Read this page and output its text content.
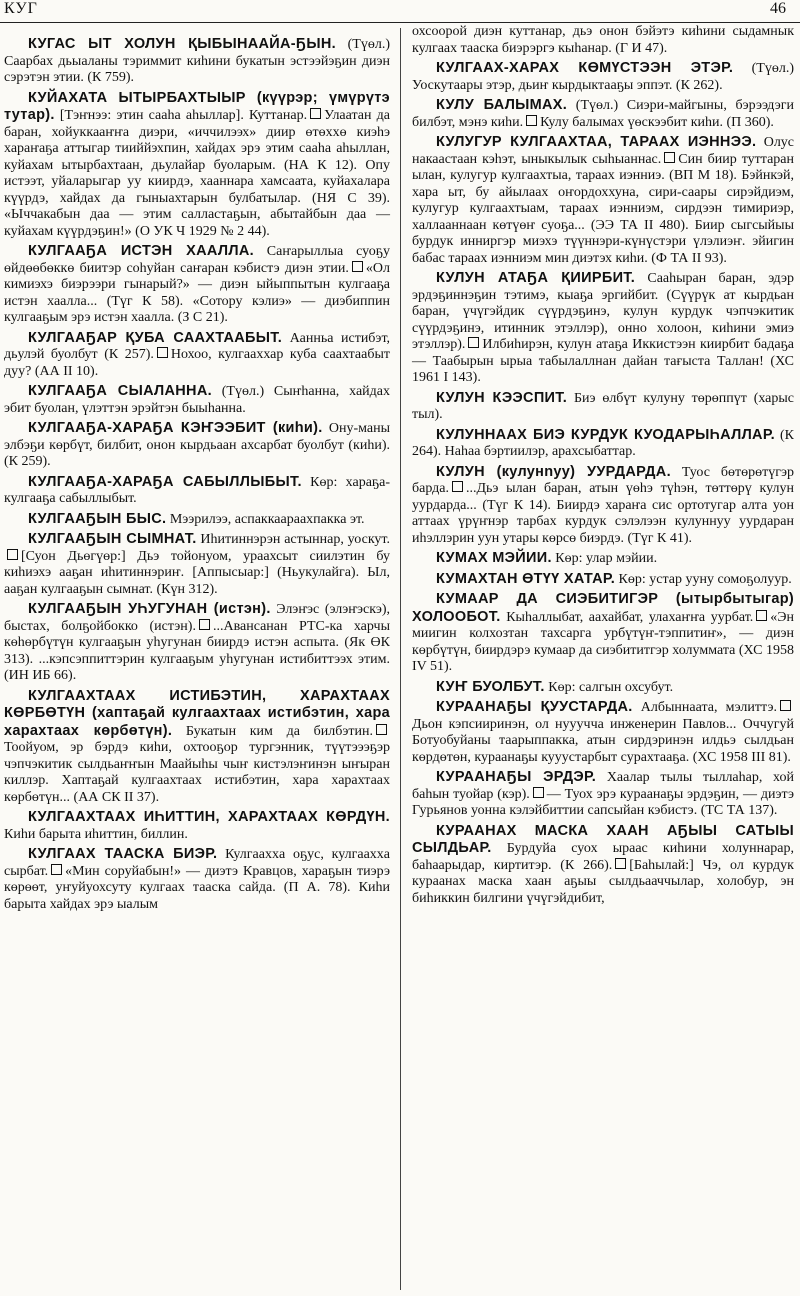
КУГ	46

КУГАС ЫТ ХОЛУН ҚЫБЫНААЙА-ҔЫН. (Түөл.) Саарбах дьыаланы тэриммит киһини букатын эстээйэҕин диэн сэрэтэн этии. (К 759).

КУЙАХАТА ЫТЫРБАХТЫЫР (күүрэр; үмүрүтэ тутар). [Тэҥнээ: этин сааһа аһыллар]. Куттанар. Улаатан да баран, хойуккааҥҥа диэри, «иччилээх» диир өтөххө киэһэ хараҥаҕа аттыгар тииййэхпин, хайдах эрэ этим сааһа аһыллан, куйахам ытырбахтаан, дьулайар буоларым. (НА К 12). Опу истээт, уйаларыгар уу киирдэ, хааннара хамсаата, куйахалара күүрдэ, хайдах да гыныахтарын булбатылар. (НЯ С 39). «Ыччакабын даа — этим салластаҕын, абытайбын даа — куйахам күүрдэҕин!» (О УК Ч 1929 № 2 44).

КУЛГААҔА ИСТЭН ХААЛЛА. Саҥарыллыа суоҕу өйдөөбөккө биитэр соһуйан саҥаран кэбистэ диэн этии. «Ол кимиэхэ биэрээри гынарый?» — диэн ыйыппытын кулгааҕа истэн хаалла... (Түг К 58). «Сотору кэлиэ» — диэбиппин кулгааҕым эрэ истэн хаалла. (З С 21).

КУЛГААҔАР ҚУБА СААХТААБЫТ. Аанньа истибэт, дьулэй буолбут (К 257). Нохоо, кулгааххар куба саахтаабыт дуу? (АА II 10).

КУЛГААҔА СЫАЛАННА. (Түөл.) Сыҥһанна, хайдах эбит буолан, үлэттэн эрэйтэн быыһанна.

КУЛГААҔА-ХАРАҔА КЭҤЭЭБИТ (киһи). Ону-маны элбэҕи көрбүт, билбит, онон кырдьаан ахсарбат буолбут (киһи). (К 259).

КУЛГААҔА-ХАРАҔА САБЫЛЛЫБЫТ. Көр: хараҕа-кулгааҕа сабыллыбыт.

КУЛГААҔЫН БЫС. Мээрилээ, аспаккаараахпакка эт.

КУЛГААҔЫН СЫМНАТ. Иһитиннэрэн астыннар, уоскут.[Суон Дьөгүөр:] Дьэ тойонуом, ураахсыт сиилэтин бу киһиэхэ ааҕан иһитиннэриҥ. [Аппысыар:] (Ньукулайга). Ыл, ааҕан кулгааҕын сымнат. (Күн 312).

КУЛГААҔЫН УҺУГУНАН (истэн). Элэҥэс (элэҥэскэ), быстах, болҕойбокко (истэн). ...Авансанан РТС-ка харчы көһөрбүтүн кулгааҕын уһугунан биирдэ истэн аспыта. (Як ӨК 313). ...кэпсэппиттэрин кулгааҕым уһугунан истибиттээх этим. (ИН ИБ 66).

КУЛГААХТААХ ИСТИБЭТИН, ХАРАХТААХ КӨРБӨТҮН (хаптаҕай кулгаахтаах истибэтин, хара харахтаах көрбөтүн). Букатын ким да билбэтин.Тоойуом, эр бэрдэ киһи, охтооҕор тургэнник, түүтэээҕэр чэпчэкитик сылдьаҥҥын Маайыһы чыҥ кистэлэҥинэн ыҥыран киллэр. Хаптаҕай кулгаахтаах истибэтин, хара харахтаах көрбөтүн... (АА СК II 37).

КУЛГААХТААХ ИҺИТТИН, ХАРАХТААХ КӨРДҮН. Киһи барыта иһиттин, биллин.

КУЛГААХ ТААСКА БИЭР. Кулгааххa оҕус, кулгааххa сырбат. «Мин соруйабын!» — диэтэ Кравцов, хараҕын тиэрэ көрөөт, уҥуйуохсуту кулгаах тааска сайда. (П А. 78). Киһи барыта хайдах эрэ ыалым

охсоорой диэн куттанар, дьэ онон бэйэтэ киһини сыдамнык кулгаах тааска биэрэргэ кыһанар. (Г И 47).

КУЛГААХ-ХАРАХ КӨМҮСТЭЭН ЭТЭР. (Түөл.) Уоскутаары этэр, дьиҥ кырдыктааҕы эппэт. (К 262).

КУЛУ БАЛЫМАХ. (Түөл.) Сиэри-майгыны, бэрээдэги билбэт, мэнэ киһи. Кулу балымах үөскээбит киһи. (П 360).

КУЛУГУР КУЛГААХТАА, ТАРААХ ИЭННЭЭ. Олус накаастаан кэһэт, ыныкылык сыһыаннас. Син биир туттаран ылан, кулугур кулгаахтыа, тараах иэнниэ. (ВП М 18). Бэйнкэй, хара ыт, бу айылаах оҥордоххуна, сири-саары сирэйдиэм, кулугур кулгаахтыам, тараах иэнниэм, сирдээн тимириэр, халлааннаан көтүөҥ суоҕа... (ЭЭ ТА II 480). Биир сыгсыйыы бурдук инниргэр миэхэ түүннэри-күнүстэри үлэлиэҥ. эйигин бабас тараах иэнниэм мин диэтэх киһи. (Ф ТА II 93).

КУЛУН АТАҔА ҚИИРБИТ. Сааһыран баран, эдэр эрдэҕиннэҕин тэтимэ, кыаҕа эргийбит. (Сүүрүк ат кырдьан баран, үчүгэйдик сүүрдэҕинэ, кулун курдук чэпчэкитик сүүрдэҕинэ, итинник этэллэр), онно холоон, киһини эмиэ этэллэр). Илбиһирэн, кулун атаҕа Иккистээн киирбит бадаҕа — Таабырын ырыа табылаллнан дайан тағыста Таллан! (ХС 1961 I 143).

КУЛУН КЭЭСПИТ. Биэ өлбүт кулуну төрөппүт (харыс тыл).

КУЛУННААХ БИЭ КУРДУК КУОДАРЫҺАЛЛАР. (К 264). Наһаа бэртиилэр, арахсыбаттар.

КУЛУН (кулунnуу) УУРДАРДА. Туос бөтөрөтүгэр барда. ...Дьэ ылан баран, атын үөһэ түһэн, төттөрү кулун уурдарда... (Түг К 14). Биирдэ хараҥа сис ортотугар алта уон аттаах үрүҥнэр тарбах курдук сэлэлээн кулуннуу уурдаран иһэллэрин уун утары көрсө биэрдэ. (Түг К 41).

КУМАХ МЭЙИИ. Көр: улар мэйии.

КУМАХТАН ӨТҮҮ ХАТАР. Көр: устар ууну сомоҕолуур.

КУМААР ДА СИЭБИТИГЭР (ытырбытыгар) ХОЛООБОТ. Кыһаллыбат, аахайбат, улахаҥҥа уурбат. «Эн миигин колхозтан тахсарга урбүтүҥ-тэппитиҥ», — диэн көрбүтүн, биирдэрэ кумаар да сиэбититгэр холуммата (ХС 1958 IV 51).

КУҤ БУОЛБУТ. Көр: салгын охсубут.

КУРААНАҔЫ ҚУУСТАРДА. Албыннаата, мэлиттэ.Дьон кэпсииринэн, ол нууучча инженерин Павлов... Оччугуй Ботуобуйаны таарыппакка, атын сирдэринэн илдьэ сылдьан көрдөтөн, кураанаҕы кууустарбыт сурахтааҕа. (ХС 1958 III 81).

КУРААНАҔЫ ЭРДЭР. Хаалар тылы тыллаһар, хой баһын туойар (кэр). — Туох эрэ кураанаҕы эрдэҕин, — диэтэ Гурьянов уонна кэлэйбиттии сапсыйан кэбистэ. (ТС ТА 137).

КУРААНАХ МАСКА ХААН АҔЫЫ САТЫЫ СЫЛДЬАР. Бурдуйа суох ыраас киһини холуннарар, баһаарыдар, киртитэр. (К 266). [Баһылай:] Чэ, ол курдук кураанах маска хаан аҕыы сылдьааччылар, холобур, эн биһиккин билгини үчүгэйдибит,
